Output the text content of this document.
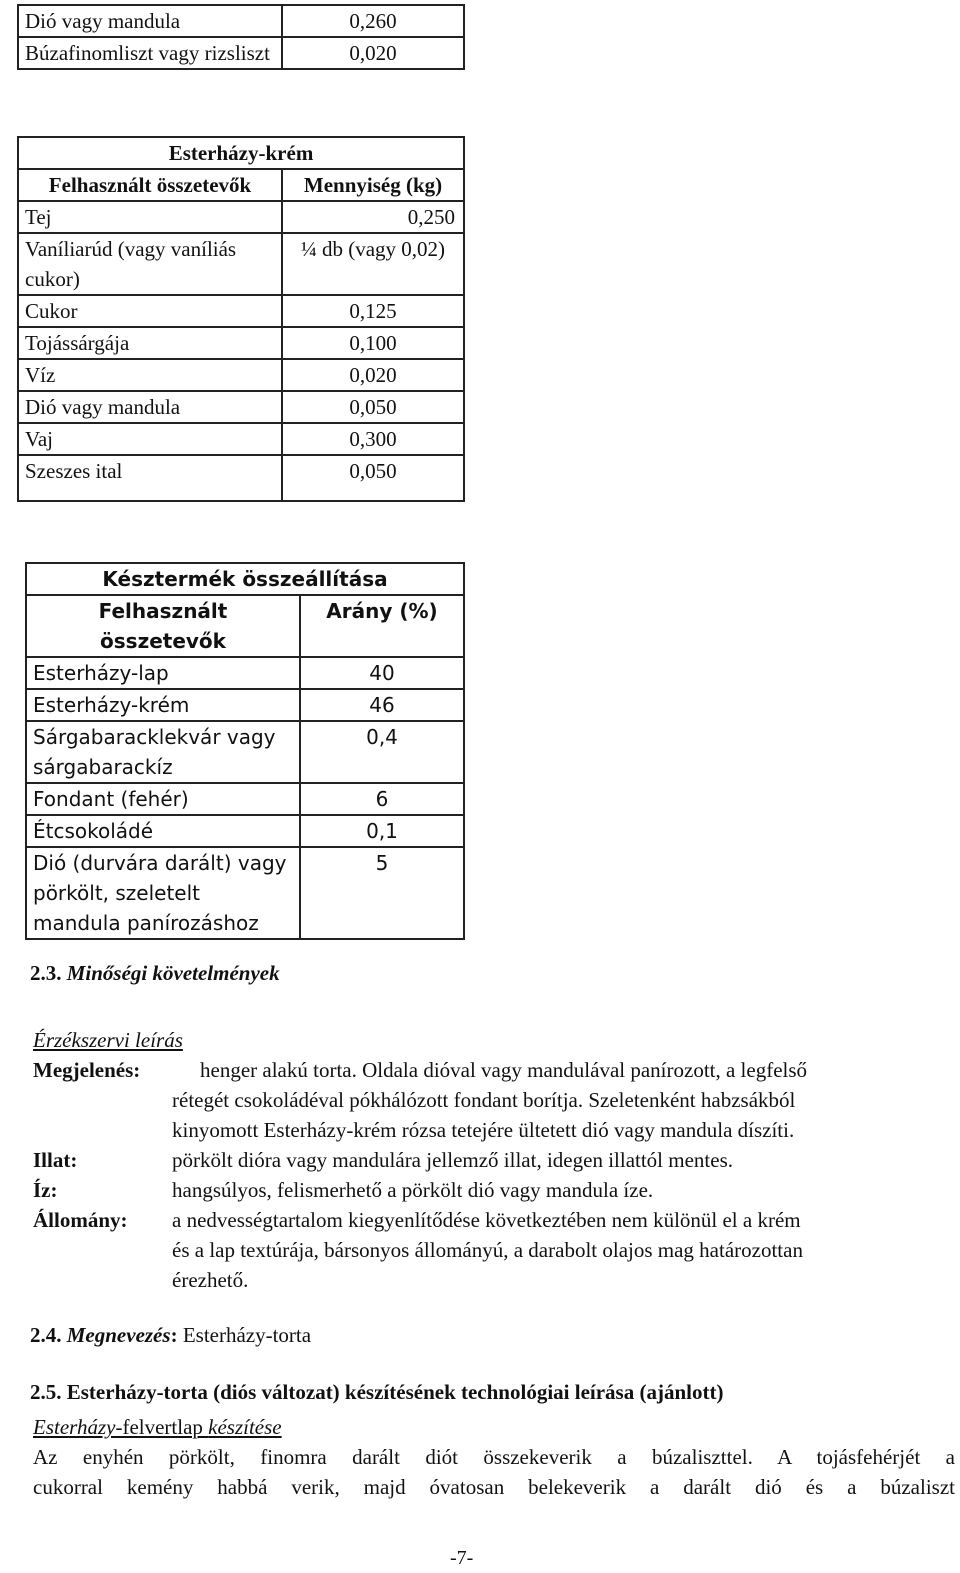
Dió vagy mandula	0,260
Búzafinomliszt vagy rizsliszt	0,020
Esterházy-krém	
Felhasznált összetevők	Mennyiség (kg)
Tej	0,250
Vaníliarúd (vagy vaníliás cukor)	¼ db (vagy 0,02)
Cukor	0,125
Tojássárgája	0,100
Víz	0,020
Dió vagy mandula	0,050
Vaj	0,300
Szeszes ital	0,050
Késztermék összeállítása	
Felhasznált összetevők	Arány (%)
Esterházy-lap	40
Esterházy-krém	46
Sárgabaracklekvár vagy sárgabarackíz	0,4
Fondant (fehér)	6
Étcsokoládé	0,1
Dió (durvára darált) vagy pörkölt, szeletelt mandula panírozáshoz	5
2.3. Minőségi követelmények
Érzékszervi leírás
Megjelenés:	henger alakú torta. Oldala dióval vagy mandulával panírozott, a legfelső
rétegét csokoládéval pókhálózott fondant borítja. Szeletenként habzsákból
kinyomott Esterházy-krém rózsa tetejére ültetett dió vagy mandula díszíti.
Illat:	pörkölt dióra vagy mandulára jellemző illat, idegen illattól mentes.
Íz:	hangsúlyos, felismerhető a pörkölt dió vagy mandula íze.
Állomány: a nedvességtartalom kiegyenlítődése következtében nem különül el a krém
és a lap textúrája, bársonyos állományú, a darabolt olajos mag határozottan
érezhető.
2.4. Megnevezés: Esterházy-torta
2.5. Esterházy-torta (diós változat) készítésének technológiai leírása (ajánlott)
Esterházy-felvertlap készítése
Az enyhén pörkölt, finomra darált diót összekeverik a búzaliszttel. A tojásfehérjét a
cukorral kemény habbá verik, majd óvatosan belekeverik a darált dió és a búzaliszt
-7-
